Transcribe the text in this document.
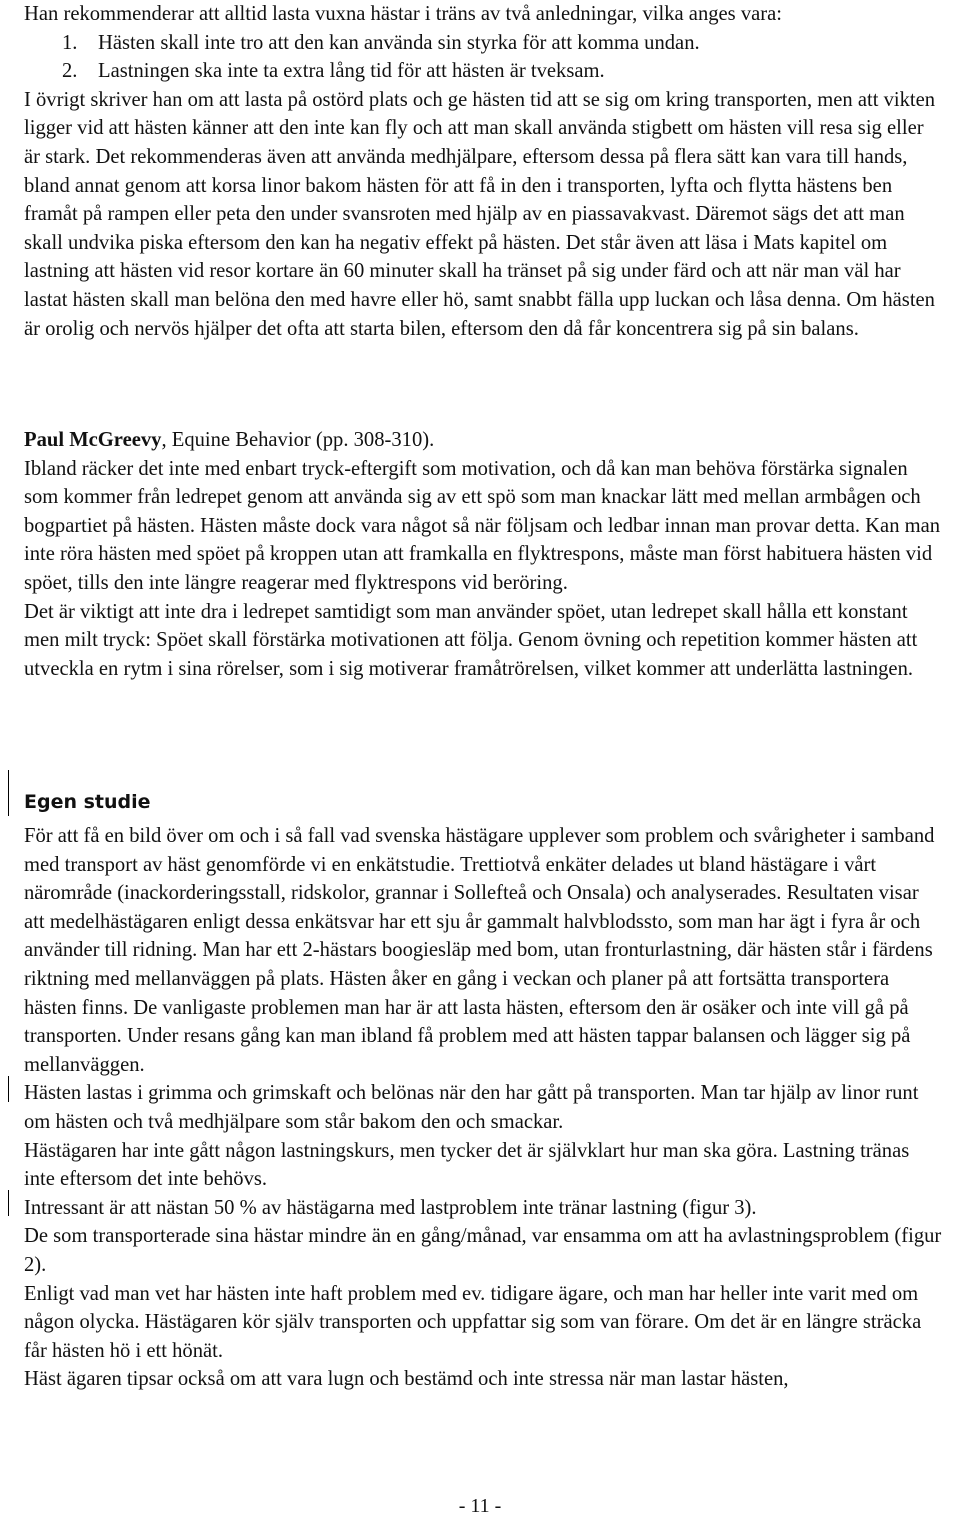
Han rekommenderar att alltid lasta vuxna hästar i träns av två anledningar, vilka anges vara:

1. Hästen skall inte tro att den kan använda sin styrka för att komma undan.
2. Lastningen ska inte ta extra lång tid för att hästen är tveksam.

I övrigt skriver han om att lasta på ostörd plats och ge hästen tid att se sig om kring transporten, men att vikten ligger vid att hästen känner att den inte kan fly och att man skall använda stigbett om hästen vill resa sig eller är stark. Det rekommenderas även att använda medhjälpare, eftersom dessa på flera sätt kan vara till hands, bland annat genom att korsa linor bakom hästen för att få in den i transporten, lyfta och flytta hästens ben framåt på rampen eller peta den under svansroten med hjälp av en piassavakvast. Däremot sägs det att man skall undvika piska eftersom den kan ha negativ effekt på hästen. Det står även att läsa i Mats kapitel om lastning att hästen vid resor kortare än 60 minuter skall ha tränset på sig under färd och att när man väl har lastat hästen skall man belöna den med havre eller hö, samt snabbt fälla upp luckan och låsa denna. Om hästen är orolig och nervös hjälper det ofta att starta bilen, eftersom den då får koncentrera sig på sin balans.

Paul McGreevy, Equine Behavior (pp. 308-310).

Ibland räcker det inte med enbart tryck-eftergift som motivation, och då kan man behöva förstärka signalen som kommer från ledrepet genom att använda sig av ett spö som man knackar lätt med mellan armbågen och bogpartiet på hästen. Hästen måste dock vara något så när följsam och ledbar innan man provar detta. Kan man inte röra hästen med spöet på kroppen utan att framkalla en flyktrespons, måste man först habituera hästen vid spöet, tills den inte längre reagerar med flyktrespons vid beröring.

Det är viktigt att inte dra i ledrepet samtidigt som man använder spöet, utan ledrepet skall hålla ett konstant men milt tryck: Spöet skall förstärka motivationen att följa. Genom övning och repetition kommer hästen att utveckla en rytm i sina rörelser, som i sig motiverar framåtrörelsen, vilket kommer att underlätta lastningen.

Egen studie

För att få en bild över om och i så fall vad svenska hästägare upplever som problem och svårigheter i samband med transport av häst genomförde vi en enkätstudie. Trettiotvå enkäter delades ut bland hästägare i vårt närområde (inackorderingsstall, ridskolor, grannar i Sollefteå och Onsala) och analyserades. Resultaten visar att medelhästägaren enligt dessa enkätsvar har ett sju år gammalt halvblodssto, som man har ägt i fyra år och använder till ridning. Man har ett 2-hästars boogiesläp med bom, utan fronturlastning, där hästen står i färdens riktning med mellanväggen på plats. Hästen åker en gång i veckan och planer på att fortsätta transportera hästen finns. De vanligaste problemen man har är att lasta hästen, eftersom den är osäker och inte vill gå på transporten. Under resans gång kan man ibland få problem med att hästen tappar balansen och lägger sig på mellanväggen.

Hästen lastas i grimma och grimskaft och belönas när den har gått på transporten. Man tar hjälp av linor runt om hästen och två medhjälpare som står bakom den och smackar.

Hästägaren har inte gått någon lastningskurs, men tycker det är självklart hur man ska göra. Lastning tränas inte eftersom det inte behövs.

Intressant är att nästan 50 % av hästägarna med lastproblem inte tränar lastning (figur 3).

De som transporterade sina hästar mindre än en gång/månad, var ensamma om att ha avlastningsproblem (figur 2).

Enligt vad man vet har hästen inte haft problem med ev. tidigare ägare, och man har heller inte varit med om någon olycka. Hästägaren kör själv transporten och uppfattar sig som van förare. Om det är en längre sträcka får hästen hö i ett hönät.

Häst ägaren tipsar också om att vara lugn och bestämd och inte stressa när man lastar hästen,

- 11 -
